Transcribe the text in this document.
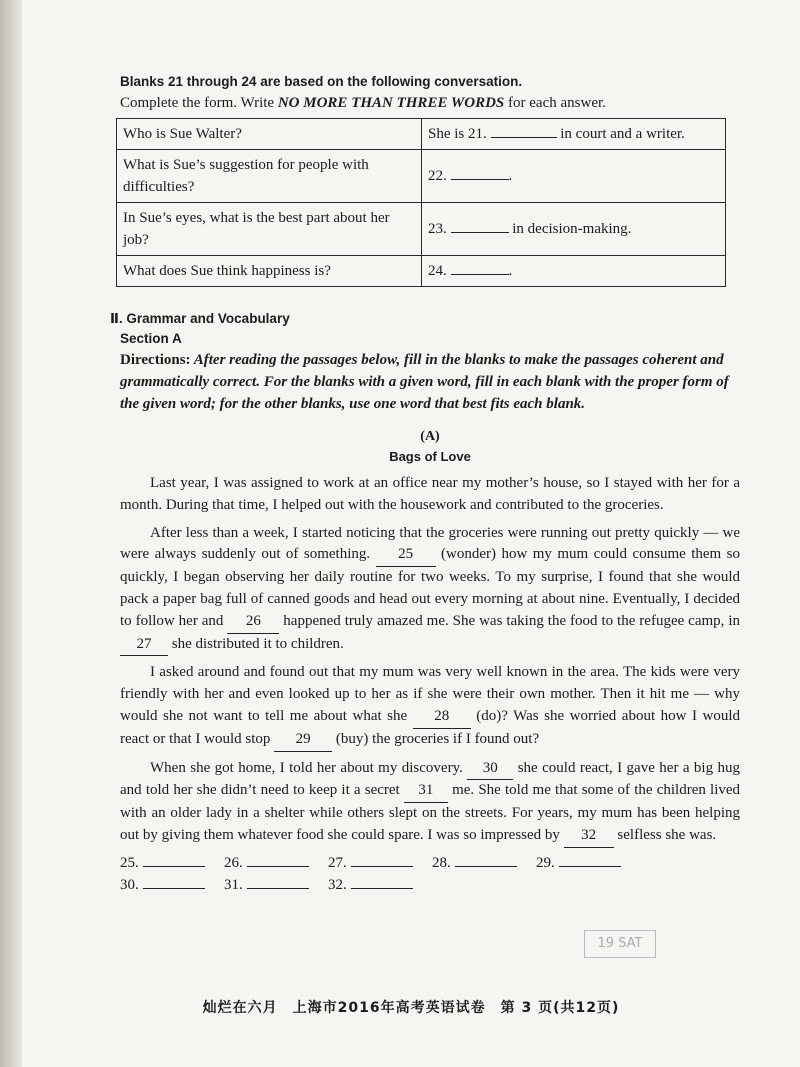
Blanks 21 through 24 are based on the following conversation.
Complete the form. Write NO MORE THAN THREE WORDS for each answer.
Who is Sue Walter?	She is 21. in court and a writer.
What is Sue’s suggestion for people with difficulties?	22. .
In Sue’s eyes, what is the best part about her job?	23. in decision-making.
What does Sue think happiness is?	24. .
Ⅱ. Grammar and Vocabulary
Section A
Directions: After reading the passages below, fill in the blanks to make the passages coherent and grammatically correct. For the blanks with a given word, fill in each blank with the proper form of the given word; for the other blanks, use one word that best fits each blank.
(A)
Bags of Love

Last year, I was assigned to work at an office near my mother’s house, so I stayed with her for a month. During that time, I helped out with the housework and contributed to the groceries.

After less than a week, I started noticing that the groceries were running out pretty quickly — we were always suddenly out of something. 25 (wonder) how my mum could consume them so quickly, I began observing her daily routine for two weeks. To my surprise, I found that she would pack a paper bag full of canned goods and head out every morning at about nine. Eventually, I decided to follow her and 26 happened truly amazed me. She was taking the food to the refugee camp, in 27 she distributed it to children.

I asked around and found out that my mum was very well known in the area. The kids were very friendly with her and even looked up to her as if she were their own mother. Then it hit me — why would she not want to tell me about what she 28 (do)? Was she worried about how I would react or that I would stop 29 (buy) the groceries if I found out?

When she got home, I told her about my discovery. 30 she could react, I gave her a big hug and told her she didn’t need to keep it a secret 31 me. She told me that some of the children lived with an older lady in a shelter while others slept on the streets. For years, my mum has been helping out by giving them whatever food she could spare. I was so impressed by 32 selfless she was.

25.	26.	27.	28.	29.
30.	31.	32.
19 SAT
灿烂在六月　上海市2016年高考英语试卷　第 3 页(共12页)
